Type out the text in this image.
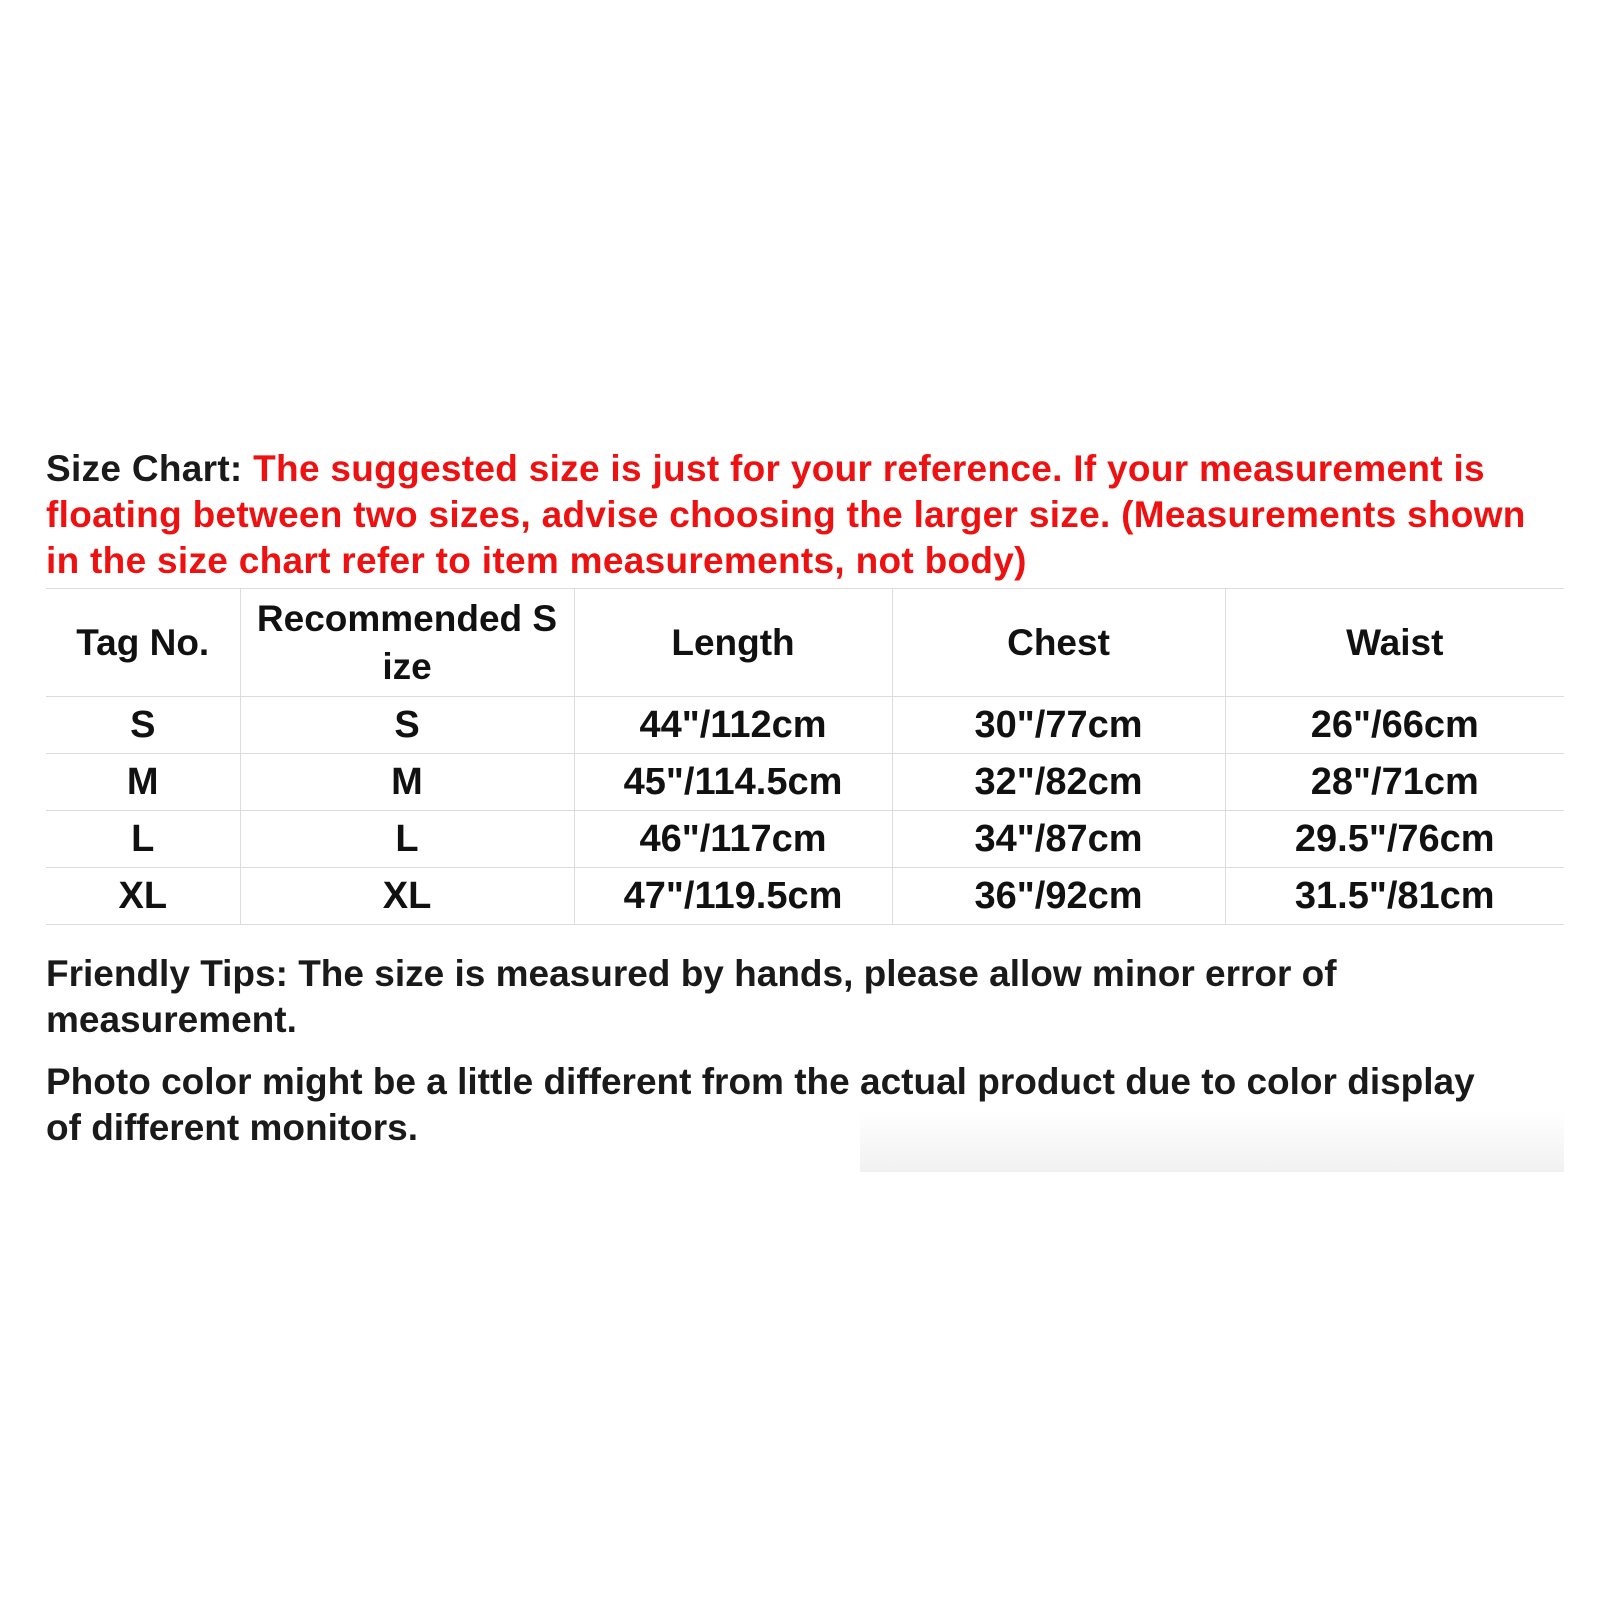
Size Chart: The suggested size is just for your reference. If your measurement is floating between two sizes, advise choosing the larger size. (Measurements shown in the size chart refer to item measurements, not body)

Tag No.	Recommended S ize	Length	Chest	Waist
S	S	44"/112cm	30"/77cm	26"/66cm
M	M	45"/114.5cm	32"/82cm	28"/71cm
L	L	46"/117cm	34"/87cm	29.5"/76cm
XL	XL	47"/119.5cm	36"/92cm	31.5"/81cm
Friendly Tips: The size is measured by hands, please allow minor error of measurement.
Photo color might be a little different from the actual product due to color display of different monitors.
